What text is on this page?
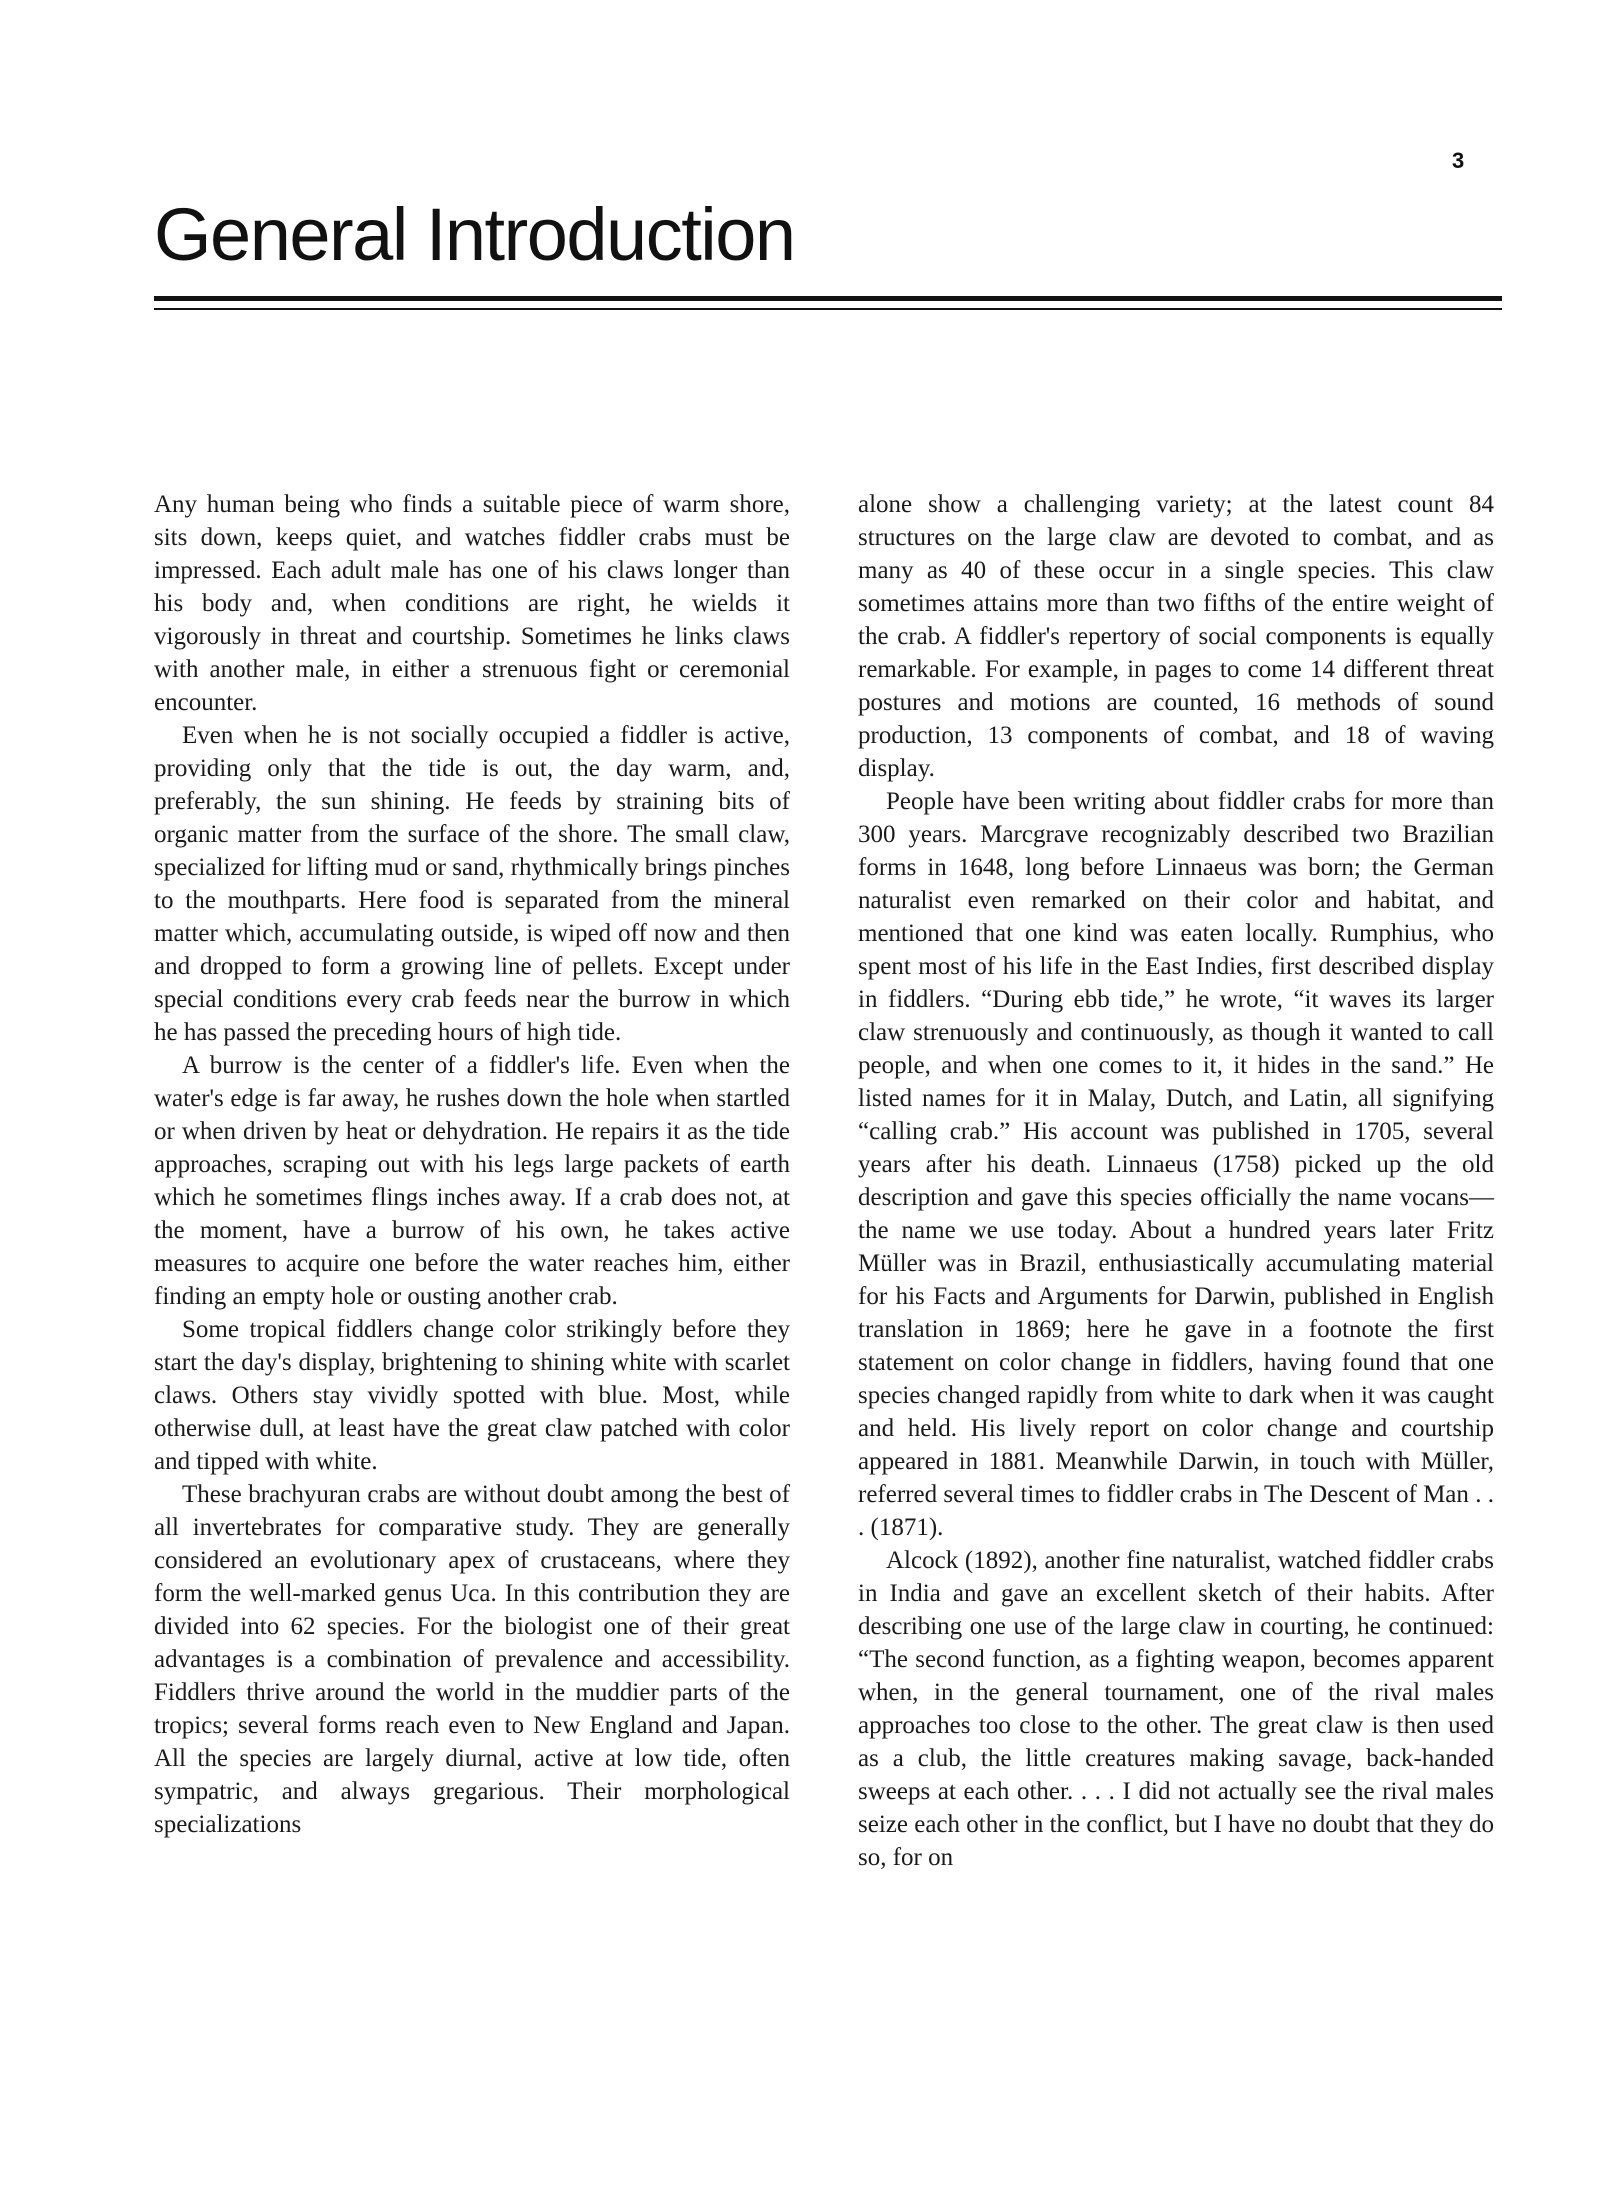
3
General Introduction

Any human being who finds a suitable piece of warm shore, sits down, keeps quiet, and watches fiddler crabs must be impressed. Each adult male has one of his claws longer than his body and, when conditions are right, he wields it vigorously in threat and courtship. Sometimes he links claws with another male, in either a strenuous fight or ceremonial encounter.

Even when he is not socially occupied a fiddler is active, providing only that the tide is out, the day warm, and, preferably, the sun shining. He feeds by straining bits of organic matter from the surface of the shore. The small claw, specialized for lifting mud or sand, rhythmically brings pinches to the mouthparts. Here food is separated from the mineral matter which, accumulating outside, is wiped off now and then and dropped to form a growing line of pellets. Except under special conditions every crab feeds near the burrow in which he has passed the preceding hours of high tide.

A burrow is the center of a fiddler's life. Even when the water's edge is far away, he rushes down the hole when startled or when driven by heat or dehydration. He repairs it as the tide approaches, scraping out with his legs large packets of earth which he sometimes flings inches away. If a crab does not, at the moment, have a burrow of his own, he takes active measures to acquire one before the water reaches him, either finding an empty hole or ousting another crab.

Some tropical fiddlers change color strikingly before they start the day's display, brightening to shining white with scarlet claws. Others stay vividly spotted with blue. Most, while otherwise dull, at least have the great claw patched with color and tipped with white.

These brachyuran crabs are without doubt among the best of all invertebrates for comparative study. They are generally considered an evolutionary apex of crustaceans, where they form the well-marked genus Uca. In this contribution they are divided into 62 species. For the biologist one of their great advantages is a combination of prevalence and accessibility. Fiddlers thrive around the world in the muddier parts of the tropics; several forms reach even to New England and Japan. All the species are largely diurnal, active at low tide, often sympatric, and always gregarious. Their morphological specializations

alone show a challenging variety; at the latest count 84 structures on the large claw are devoted to combat, and as many as 40 of these occur in a single species. This claw sometimes attains more than two fifths of the entire weight of the crab. A fiddler's repertory of social components is equally remarkable. For example, in pages to come 14 different threat postures and motions are counted, 16 methods of sound production, 13 components of combat, and 18 of waving display.

People have been writing about fiddler crabs for more than 300 years. Marcgrave recognizably described two Brazilian forms in 1648, long before Linnaeus was born; the German naturalist even remarked on their color and habitat, and mentioned that one kind was eaten locally. Rumphius, who spent most of his life in the East Indies, first described display in fiddlers. “During ebb tide,” he wrote, “it waves its larger claw strenuously and continuously, as though it wanted to call people, and when one comes to it, it hides in the sand.” He listed names for it in Malay, Dutch, and Latin, all signifying “calling crab.” His account was published in 1705, several years after his death. Linnaeus (1758) picked up the old description and gave this species officially the name vocans—the name we use today. About a hundred years later Fritz Müller was in Brazil, enthusiastically accumulating material for his Facts and Arguments for Darwin, published in English translation in 1869; here he gave in a footnote the first statement on color change in fiddlers, having found that one species changed rapidly from white to dark when it was caught and held. His lively report on color change and courtship appeared in 1881. Meanwhile Darwin, in touch with Müller, referred several times to fiddler crabs in The Descent of Man . . . (1871).

Alcock (1892), another fine naturalist, watched fiddler crabs in India and gave an excellent sketch of their habits. After describing one use of the large claw in courting, he continued: “The second function, as a fighting weapon, becomes apparent when, in the general tournament, one of the rival males approaches too close to the other. The great claw is then used as a club, the little creatures making savage, back-handed sweeps at each other. . . . I did not actually see the rival males seize each other in the conflict, but I have no doubt that they do so, for on
